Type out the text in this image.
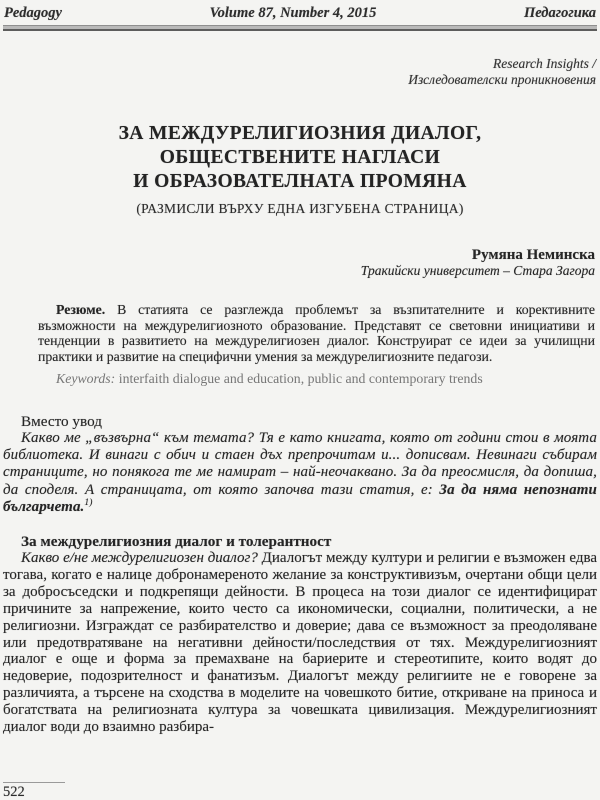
Pedagogy	Volume 87, Number 4, 2015	Педагогика
Research Insights /
Изследователски проникновения
ЗА МЕЖДУРЕЛИГИОЗНИЯ ДИАЛОГ,
ОБЩЕСТВЕНИТЕ НАГЛАСИ
И ОБРАЗОВАТЕЛНАТА ПРОМЯНА
(РАЗМИСЛИ ВЪРХУ ЕДНА ИЗГУБЕНА СТРАНИЦА)
Румяна Неминска
Тракийски университет – Стара Загора
Резюме. В статията се разглежда проблемът за възпитателните и корективните възможности на междурелигиозното образование. Представят се световни инициативи и тенденции в развитието на междурелигиозен диалог. Конструират се идеи за училищни практики и развитие на специфични умения за междурелигиозните педагози.
Keywords: interfaith dialogue and education, public and contemporary trends
Вместо увод
Какво ме „възвърна“ към темата? Тя е като книгата, която от години стои в моята библиотека. И винаги с обич и стаен дъх препрочитам и... дописвам. Невинаги събирам страниците, но понякога те ме намират – най-неочаквано. За да преосмисля, да допиша, да споделя. А страницата, от която започва тази статия, е: За да няма непознати българчета.$^{1)}$
За междурелигиозния диалог и толерантност
Какво е/не междурелигиозен диалог? Диалогът между култури и религии е възможен едва тогава, когато е налице добронамереното желание за конструктивизъм, очертани общи цели за добросъседски и подкрепящи дейности. В процеса на този диалог се идентифицират причините за напрежение, които често са икономически, социални, политически, а не религиозни. Изграждат се разбирателство и доверие; дава се възможност за преодоляване или предотвратяване на негативни дейности/последствия от тях. Междурелигиозният диалог е още и форма за премахване на бариерите и стереотипите, които водят до недоверие, подозрителност и фанатизъм. Диалогът между религиите не е говорене за различията, а търсене на сходства в моделите на човешкото битие, откриване на приноса и богатствата на религиозната култура за човешката цивилизация. Междурелигиозният диалог води до взаимно разбира-
522
